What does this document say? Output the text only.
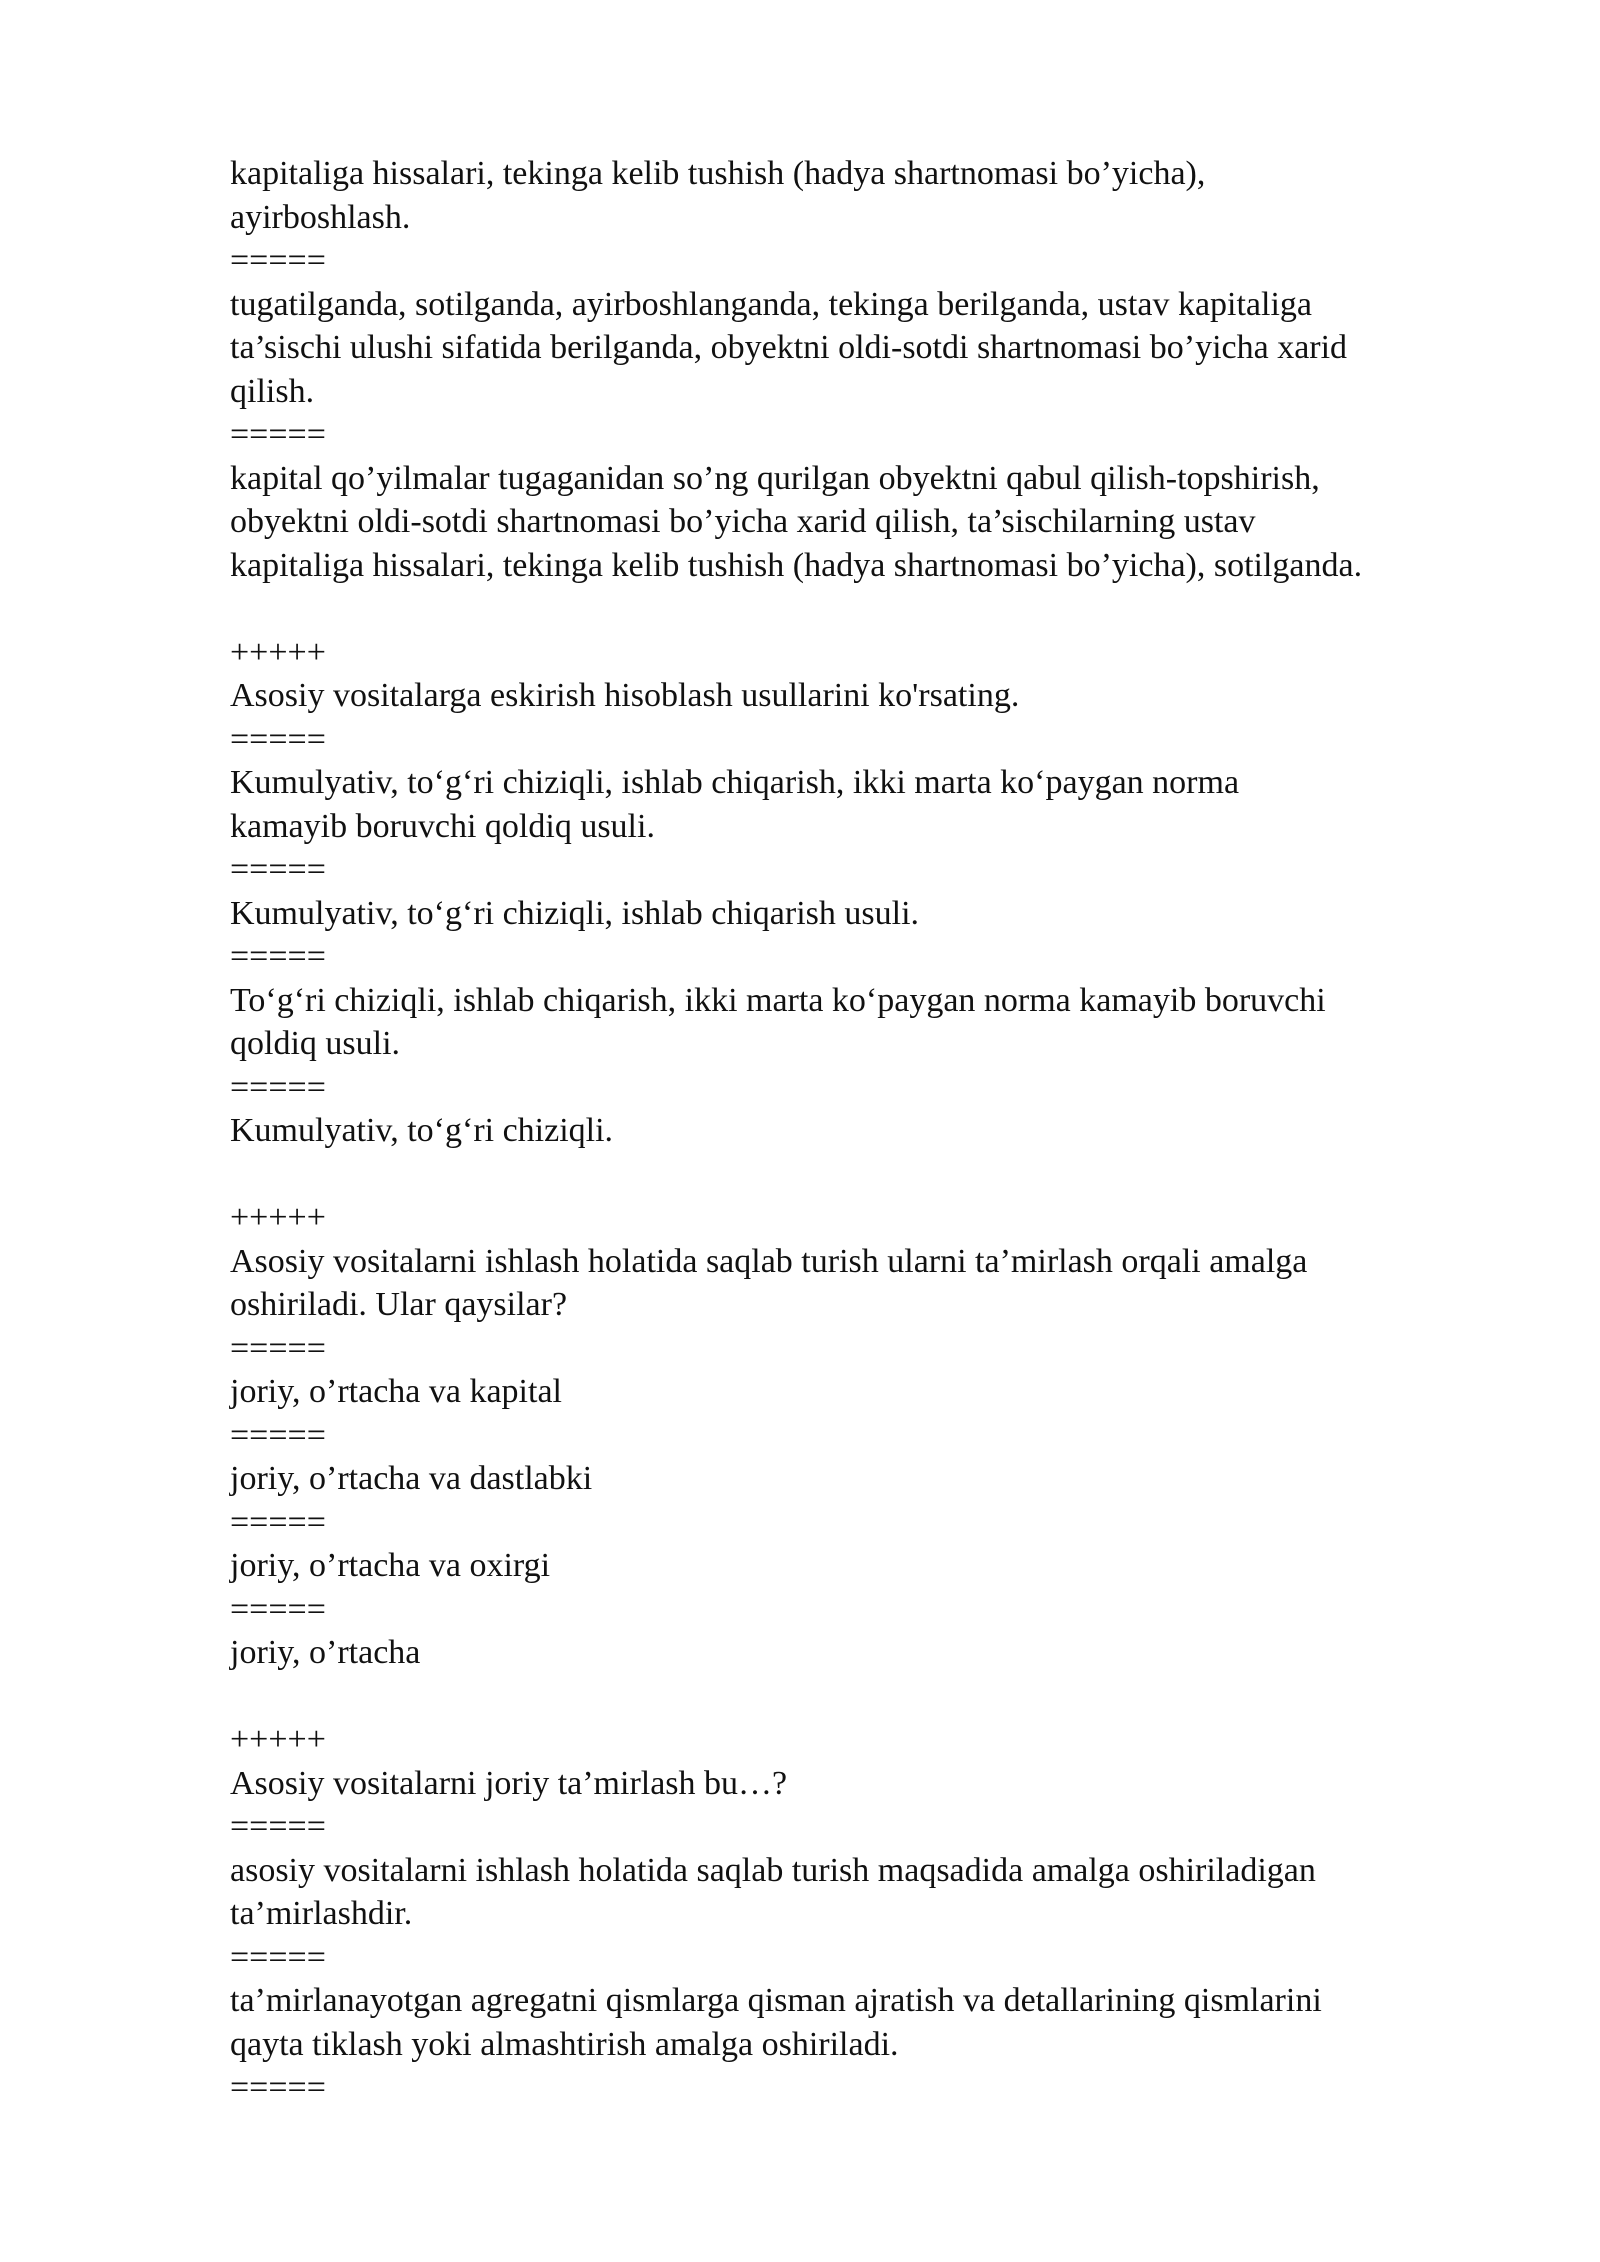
kapitaliga hissalari, tekinga kelib tushish (hadya shartnomasi bo’yicha),
ayirboshlash.
=====
tugatilganda, sotilganda, ayirboshlanganda, tekinga berilganda, ustav kapitaliga
ta’sischi ulushi sifatida berilganda, obyektni oldi-sotdi shartnomasi bo’yicha xarid
qilish.
=====
kapital qo’yilmalar tugaganidan so’ng qurilgan obyektni qabul qilish-topshirish,
obyektni oldi-sotdi shartnomasi bo’yicha xarid qilish, ta’sischilarning ustav
kapitaliga hissalari, tekinga kelib tushish (hadya shartnomasi bo’yicha), sotilganda.
+++++
Asosiy vositalarga eskirish hisoblash usullarini ko'rsating.
=====
Kumulyativ, to‘g‘ri chiziqli, ishlab chiqarish, ikki marta ko‘paygan norma
kamayib boruvchi qoldiq usuli.
=====
Kumulyativ, to‘g‘ri chiziqli, ishlab chiqarish usuli.
=====
To‘g‘ri chiziqli, ishlab chiqarish, ikki marta ko‘paygan norma kamayib boruvchi
qoldiq usuli.
=====
Kumulyativ, to‘g‘ri chiziqli.
+++++
Asosiy vositalarni ishlash holatida saqlab turish ularni ta’mirlash orqali amalga
oshiriladi. Ular qaysilar?
=====
joriy, o’rtacha va kapital
=====
joriy, o’rtacha va dastlabki
=====
joriy, o’rtacha va oxirgi
=====
joriy, o’rtacha
+++++
Asosiy vositalarni joriy ta’mirlash bu…?
=====
asosiy vositalarni ishlash holatida saqlab turish maqsadida amalga oshiriladigan
ta’mirlashdir.
=====
ta’mirlanayotgan agregatni qismlarga qisman ajratish va detallarining qismlarini
qayta tiklash yoki almashtirish amalga oshiriladi.
=====
